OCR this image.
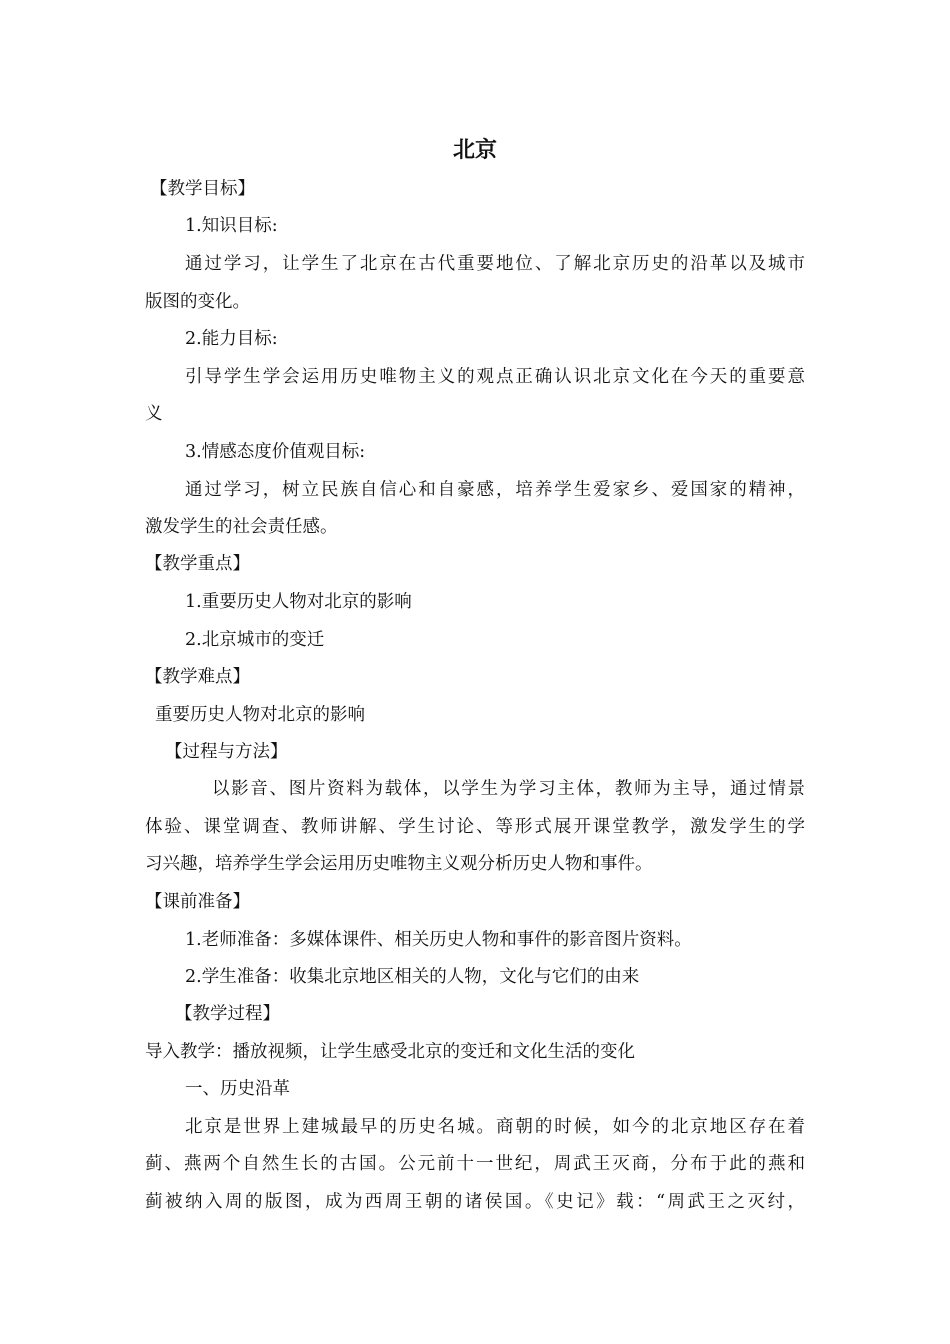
北京
【教学目标】
1.知识目标:
通过学习，让学生了北京在古代重要地位、了解北京历史的沿革以及城市
版图的变化。
2.能力目标:
引导学生学会运用历史唯物主义的观点正确认识北京文化在今天的重要意
义
3.情感态度价值观目标:
通过学习，树立民族自信心和自豪感，培养学生爱家乡、爱国家的精神，
激发学生的社会责任感。
【教学重点】
1.重要历史人物对北京的影响
2.北京城市的变迁
【教学难点】
重要历史人物对北京的影响
【过程与方法】
以影音、图片资料为载体，以学生为学习主体，教师为主导，通过情景
体验、课堂调查、教师讲解、学生讨论、等形式展开课堂教学，激发学生的学
习兴趣，培养学生学会运用历史唯物主义观分析历史人物和事件。
【课前准备】
1.老师准备：多媒体课件、相关历史人物和事件的影音图片资料。
2.学生准备：收集北京地区相关的人物，文化与它们的由来
【教学过程】
导入教学：播放视频，让学生感受北京的变迁和文化生活的变化
一、历史沿革
北京是世界上建城最早的历史名城。商朝的时候，如今的北京地区存在着
蓟、燕两个自然生长的古国。公元前十一世纪，周武王灭商，分布于此的燕和
蓟被纳入周的版图，成为西周王朝的诸侯国。《史记》载：“周武王之灭纣，
